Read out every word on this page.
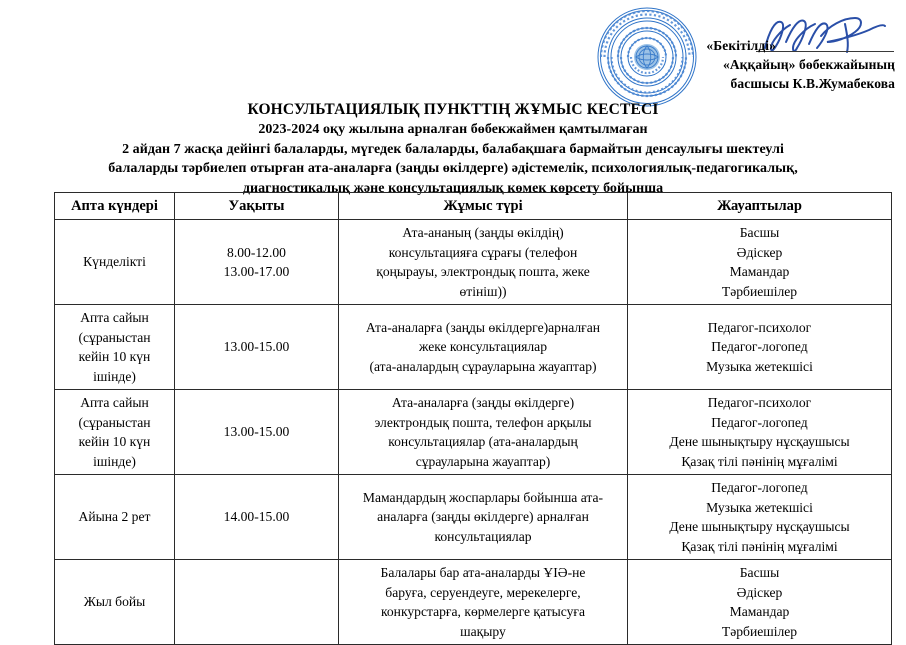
«Бекітілді»
«Аққайың» бөбекжайының
басшысы К.В.Жумабекова
КОНСУЛЬТАЦИЯЛЫҚ ПУНКТТІҢ ЖҰМЫС КЕСТЕСІ
2023-2024 оқу жылына арналған бөбекжаймен қамтылмаған
2 айдан 7 жасқа дейінгі балаларды, мүгедек балаларды, балабақшаға бармайтын денсаулығы шектеулі
балаларды тәрбиелеп отырған ата-аналарға (заңды өкілдерге) әдістемелік, психологиялық-педагогикалық,
диагностикалық және консультациялық көмек көрсету бойынша
Апта күндері	Уақыты	Жұмыс түрі	Жауаптылар

Күнделікті	8.00-12.00
13.00-17.00	Ата-ананың (заңды өкілдің)
консультацияға сұрағы (телефон
қоңырауы, электрондық пошта, жеке
өтініш))	Басшы
Әдіскер
Мамандар
Тәрбиешілер

Апта сайын
(сұраныстан
кейін 10 күн
ішінде)	13.00-15.00	Ата-аналарға (заңды өкілдерге)арналған
жеке консультациялар
(ата-аналардың сұрауларына жауаптар)	Педагог-психолог
Педагог-логопед
Музыка жетекшісі

Апта сайын
(сұраныстан
кейін 10 күн
ішінде)	13.00-15.00	Ата-аналарға (заңды өкілдерге)
электрондық пошта, телефон арқылы
консультациялар (ата-аналардың
сұрауларына жауаптар)	Педагог-психолог
Педагог-логопед
Дене шынықтыру нұсқаушысы
Қазақ тілі пәнінің мұғалімі

Айына 2 рет	14.00-15.00	Мамандардың жоспарлары бойынша ата-
аналарға (заңды өкілдерге) арналған
консультациялар	Педагог-логопед
Музыка жетекшісі
Дене шынықтыру нұсқаушысы
Қазақ тілі пәнінің мұғалімі

Жыл бойы		Балалары бар ата-аналарды ҰІӘ-не
баруға, серуендеуге, мерекелерге,
конкурстарға, көрмелерге қатысуға
шақыру	Басшы
Әдіскер
Мамандар
Тәрбиешілер
